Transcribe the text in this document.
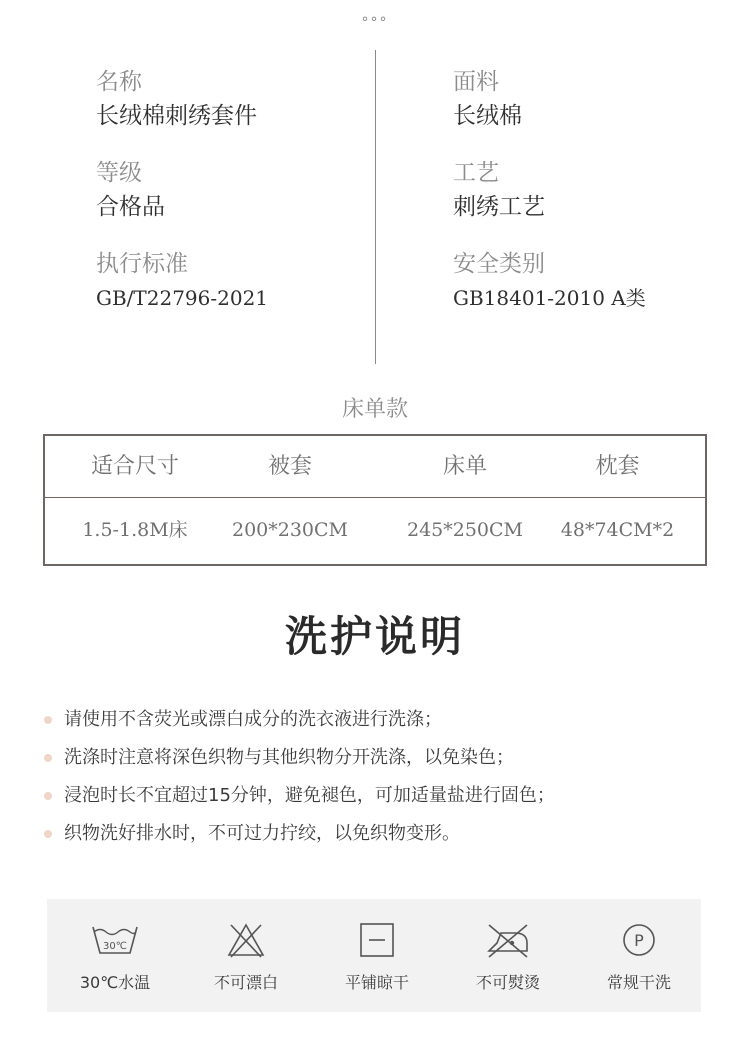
°°°
名称
长绒棉刺绣套件
面料
长绒棉
等级
合格品
工艺
刺绣工艺
执行标准
GB/T22796-2021
安全类别
GB18401-2010 A类
床单款
适合尺寸	被套	床单	枕套
1.5-1.8M床	200*230CM	245*250CM	48*74CM*2
洗护说明
请使用不含荧光或漂白成分的洗衣液进行洗涤；
洗涤时注意将深色织物与其他织物分开洗涤，以免染色；
浸泡时长不宜超过15分钟，避免褪色，可加适量盐进行固色；
织物洗好排水时，不可过力拧绞，以免织物变形。
30℃
30℃水温	不可漂白	平铺晾干	不可熨烫
P
常规干洗
